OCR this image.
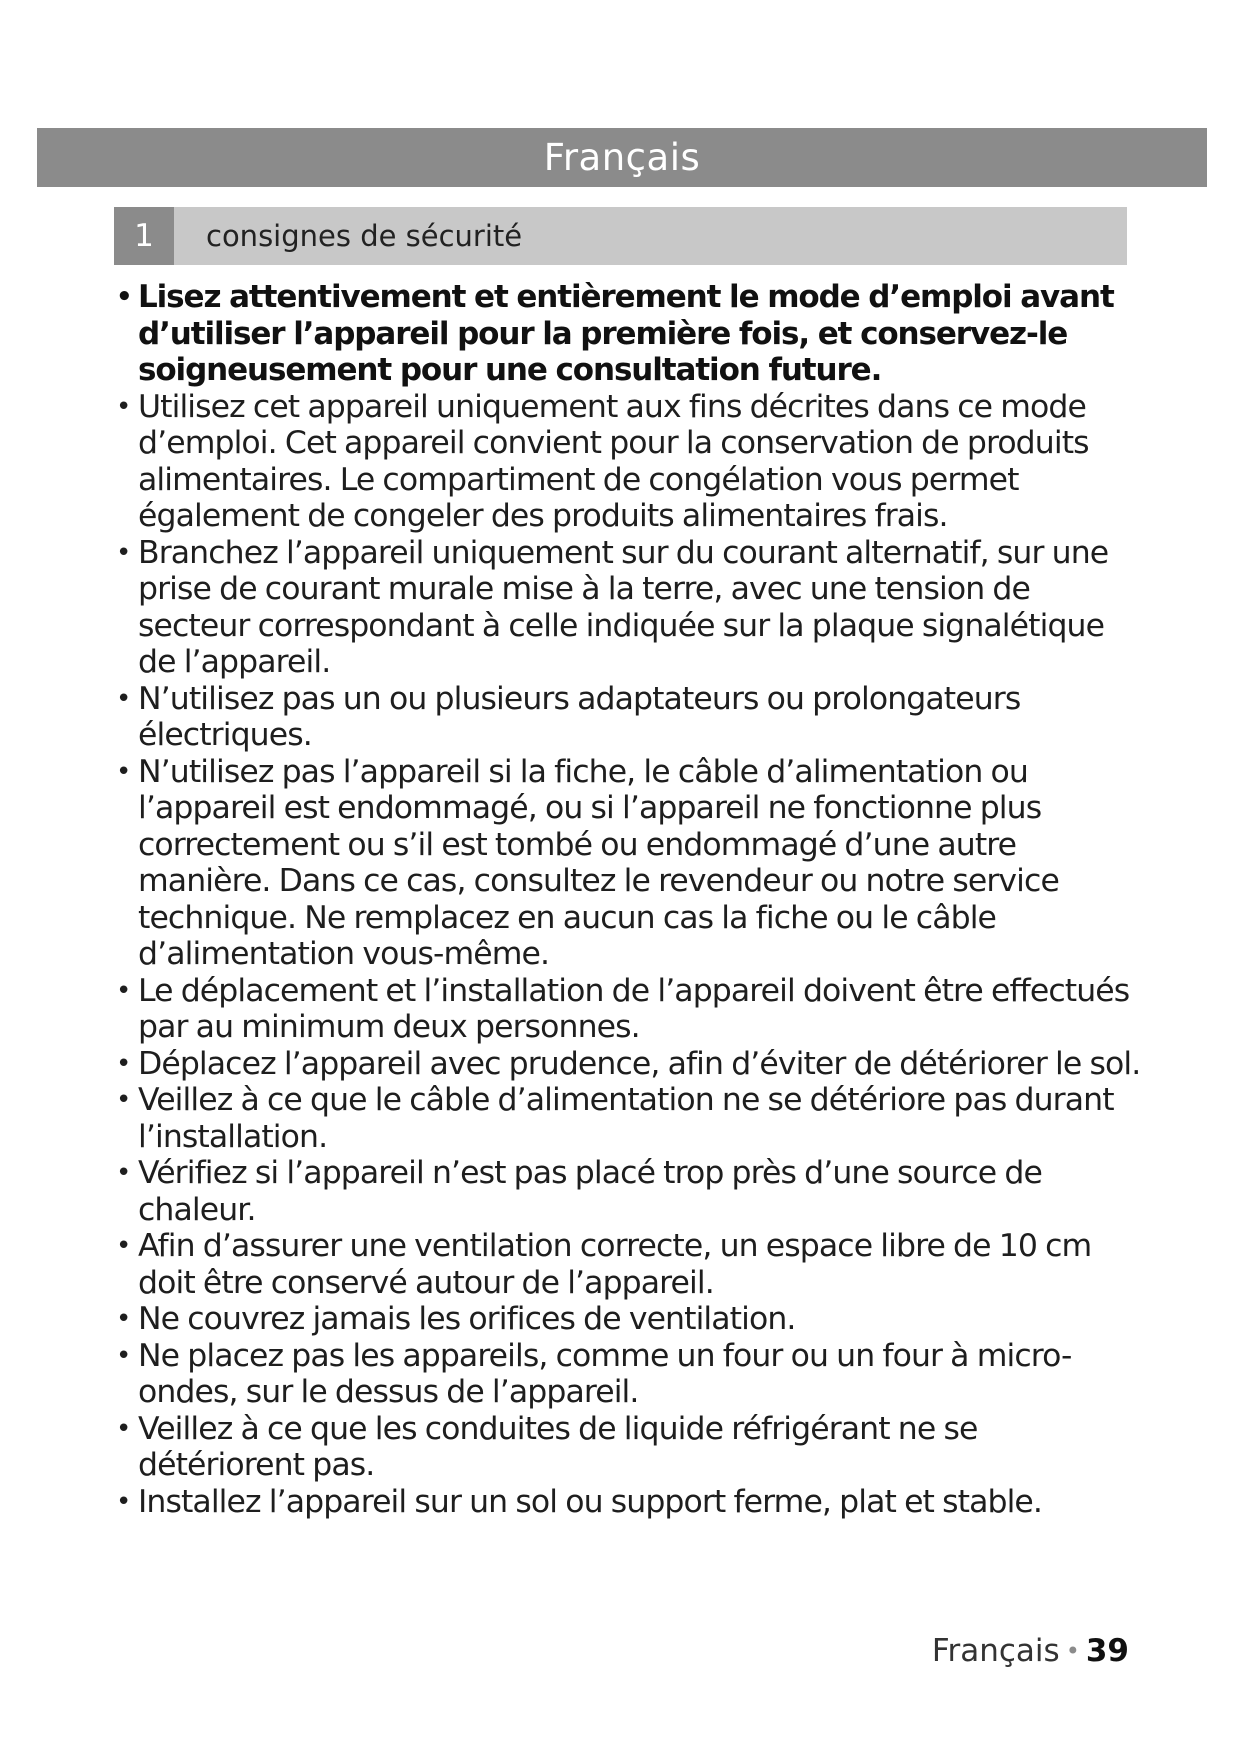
Français
1	consignes de sécurité
• Lisez attentivement et entièrement le mode d’emploi avant d’utiliser l’appareil pour la première fois, et conservez-le soigneusement pour une consultation future.
• Utilisez cet appareil uniquement aux fins décrites dans ce mode d’emploi. Cet appareil convient pour la conservation de produits alimentaires. Le compartiment de congélation vous permet également de congeler des produits alimentaires frais.
• Branchez l’appareil uniquement sur du courant alternatif, sur une prise de courant murale mise à la terre, avec une tension de secteur correspondant à celle indiquée sur la plaque signalétique de l’appareil.
• N’utilisez pas un ou plusieurs adaptateurs ou prolongateurs électriques.
• N’utilisez pas l’appareil si la fiche, le câble d’alimentation ou l’appareil est endommagé, ou si l’appareil ne fonctionne plus correctement ou s’il est tombé ou endommagé d’une autre manière. Dans ce cas, consultez le revendeur ou notre service technique. Ne remplacez en aucun cas la fiche ou le câble d’alimentation vous-même.
• Le déplacement et l’installation de l’appareil doivent être effectués par au minimum deux personnes.
• Déplacez l’appareil avec prudence, afin d’éviter de détériorer le sol.
• Veillez à ce que le câble d’alimentation ne se détériore pas durant l’installation.
• Vérifiez si l’appareil n’est pas placé trop près d’une source de chaleur.
• Afin d’assurer une ventilation correcte, un espace libre de 10 cm doit être conservé autour de l’appareil.
• Ne couvrez jamais les orifices de ventilation.
• Ne placez pas les appareils, comme un four ou un four à micro-ondes, sur le dessus de l’appareil.
• Veillez à ce que les conduites de liquide réfrigérant ne se détériorent pas.
• Installez l’appareil sur un sol ou support ferme, plat et stable.
Français • 39
